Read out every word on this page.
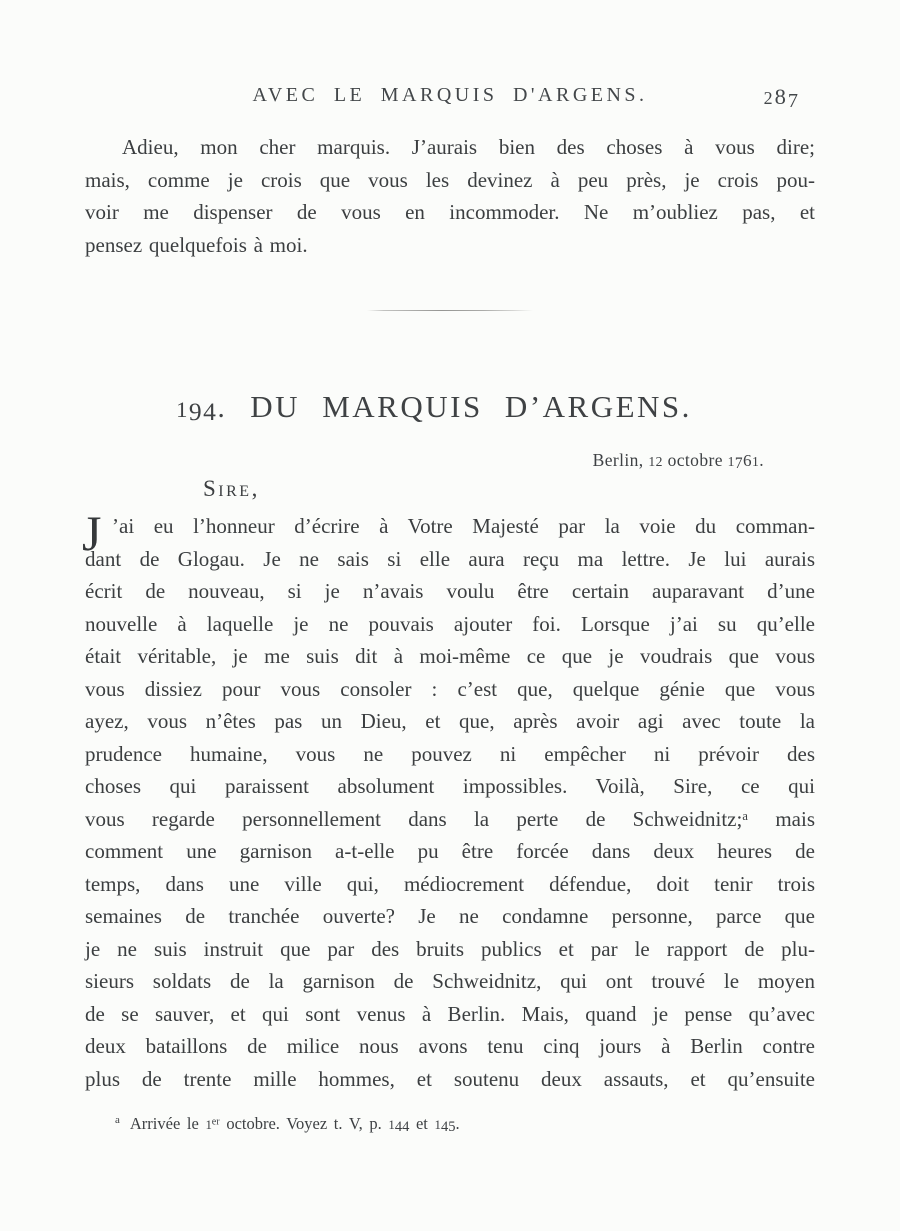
AVEC LE MARQUIS D'ARGENS.	287
Adieu, mon cher marquis. J’aurais bien des choses à vous dire;
mais, comme je crois que vous les devinez à peu près, je crois pou-
voir me dispenser de vous en incommoder. Ne m’oubliez pas, et
pensez quelquefois à moi.
194. DU MARQUIS D’ARGENS.
Berlin, 12 octobre 1761.
Sire,
J ’ai eu l’honneur d’écrire à Votre Majesté par la voie du comman-
dant de Glogau. Je ne sais si elle aura reçu ma lettre. Je lui aurais
écrit de nouveau, si je n’avais voulu être certain auparavant d’une
nouvelle à laquelle je ne pouvais ajouter foi. Lorsque j’ai su qu’elle
était véritable, je me suis dit à moi-même ce que je voudrais que vous
vous dissiez pour vous consoler : c’est que, quelque génie que vous
ayez, vous n’êtes pas un Dieu, et que, après avoir agi avec toute la
prudence humaine, vous ne pouvez ni empêcher ni prévoir des
choses qui paraissent absolument impossibles. Voilà, Sire, ce qui
vous regarde personnellement dans la perte de Schweidnitz;ᵃ mais
comment une garnison a-t-elle pu être forcée dans deux heures de
temps, dans une ville qui, médiocrement défendue, doit tenir trois
semaines de tranchée ouverte? Je ne condamne personne, parce que
je ne suis instruit que par des bruits publics et par le rapport de plu-
sieurs soldats de la garnison de Schweidnitz, qui ont trouvé le moyen
de se sauver, et qui sont venus à Berlin. Mais, quand je pense qu’avec
deux bataillons de milice nous avons tenu cinq jours à Berlin contre
plus de trente mille hommes, et soutenu deux assauts, et qu’ensuite
a Arrivée le 1ᵉʳ octobre. Voyez t. V, p. 144 et 145.
